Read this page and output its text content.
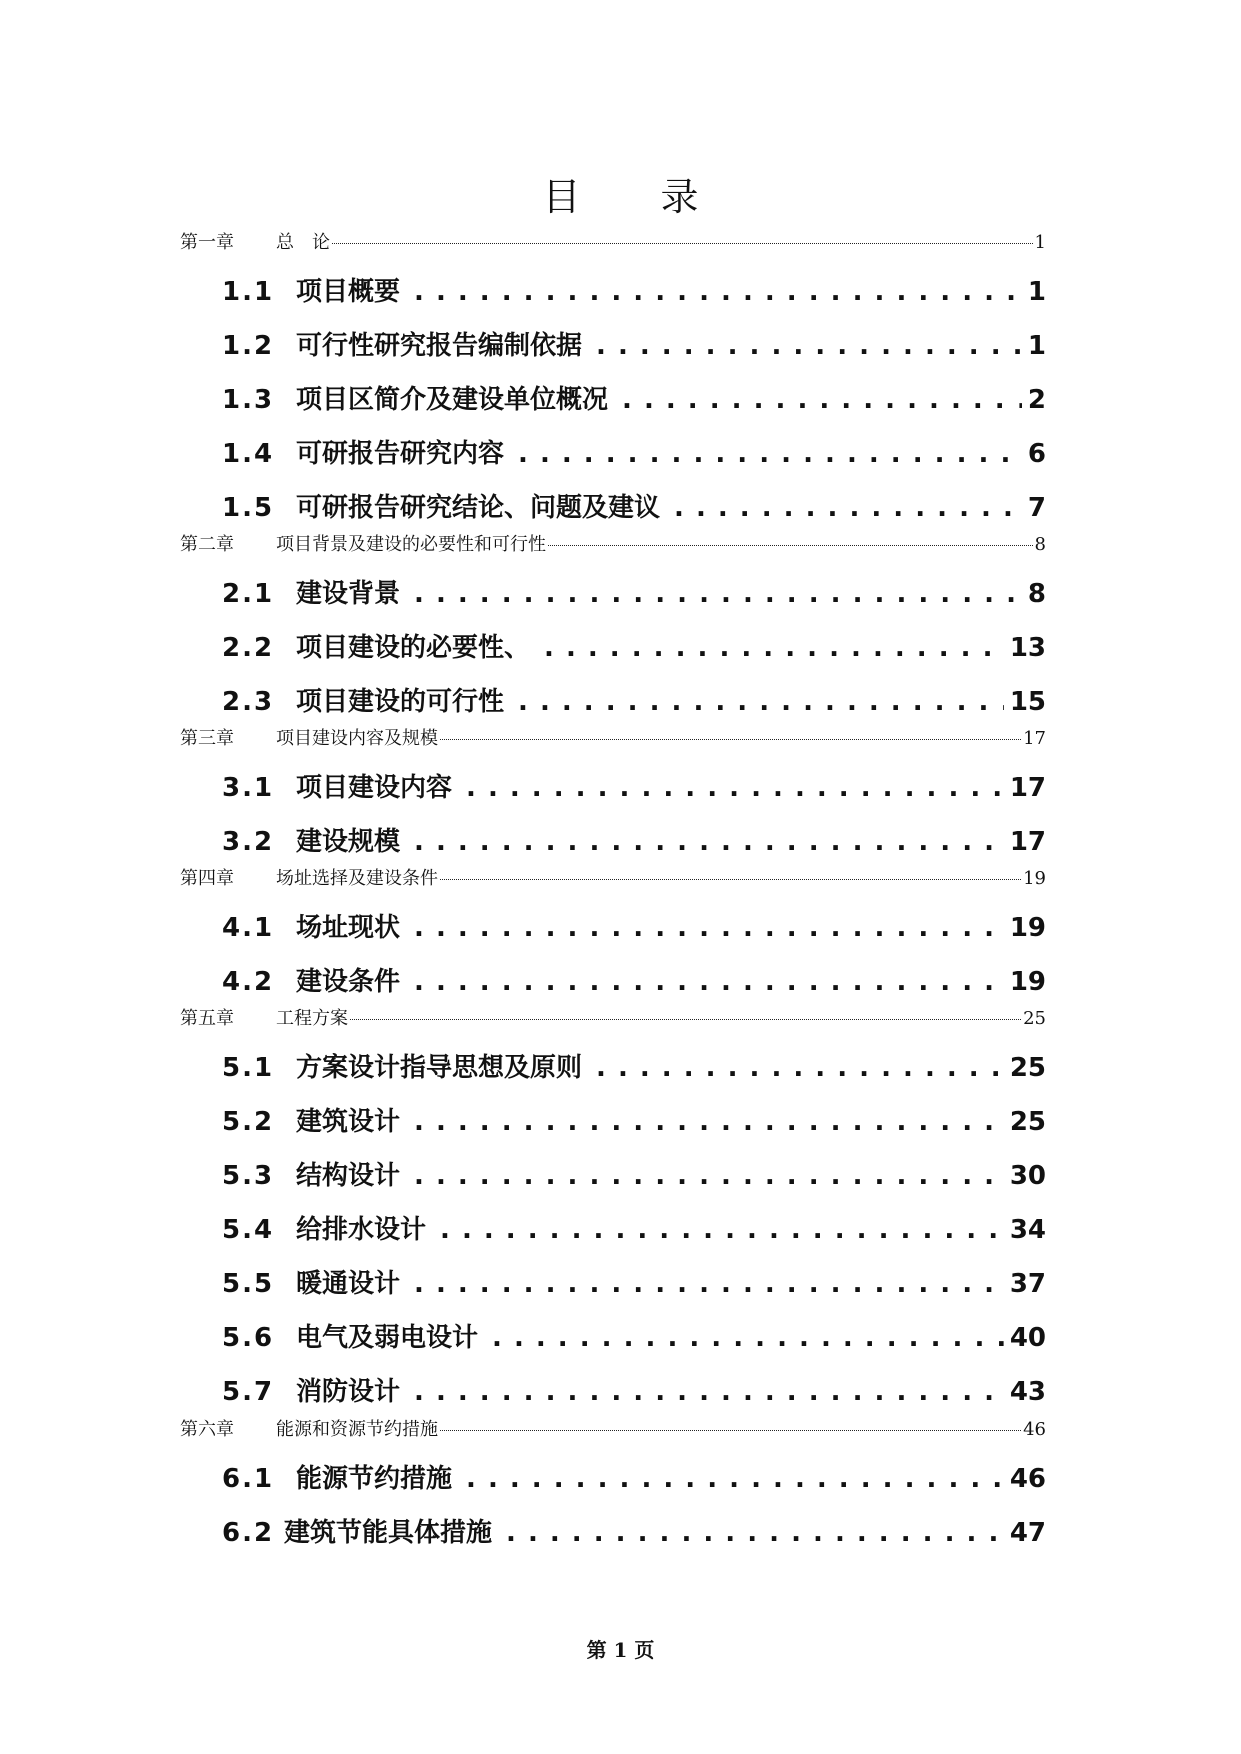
目 录
第一章	总　论	1
1.1 项目概要 . . .	1
1.2 可行性研究报告编制依据 . . .	1
1.3 项目区简介及建设单位概况 . . .	2
1.4 可研报告研究内容 . . .	6
1.5 可研报告研究结论、问题及建议 . . .	7
第二章	项目背景及建设的必要性和可行性	8
2.1 建设背景 . . .	8
2.2 项目建设的必要性、 . . .	13
2.3 项目建设的可行性 . . .	15
第三章	项目建设内容及规模	17
3.1 项目建设内容 . . .	17
3.2 建设规模 . . .	17
第四章	场址选择及建设条件	19
4.1 场址现状 . . .	19
4.2 建设条件 . . .	19
第五章	工程方案	25
5.1 方案设计指导思想及原则 . . .	25
5.2 建筑设计 . . .	25
5.3 结构设计 . . .	30
5.4 给排水设计 . . .	34
5.5 暖通设计 . . .	37
5.6 电气及弱电设计 . . .	40
5.7 消防设计 . . .	43
第六章	能源和资源节约措施	46
6.1 能源节约措施 . . .	46
6.2 建筑节能具体措施 . . .	47
第 1 页
